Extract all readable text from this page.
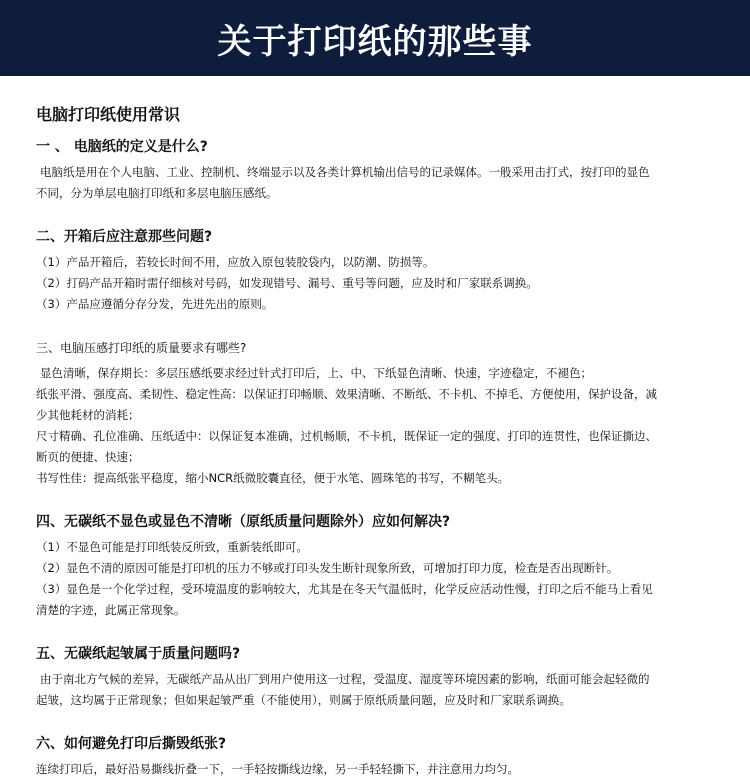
关于打印纸的那些事
电脑打印纸使用常识
一 、 电脑纸的定义是什么?

电脑纸是用在个人电脑、工业、控制机、终端显示以及各类计算机输出信号的记录媒体。一般采用击打式，按打印的显色

不同，分为单层电脑打印纸和多层电脑压感纸。

二、开箱后应注意那些问题?

（1）产品开箱后，若较长时间不用，应放入原包装胶袋内，以防潮、防损等。

（2）打码产品开箱时需仔细核对号码，如发现错号、漏号、重号等问题，应及时和厂家联系调换。

（3）产品应遵循分存分发，先进先出的原则。

三、电脑压感打印纸的质量要求有哪些?

显色清晰，保存期长：多层压感纸要求经过针式打印后，上、中、下纸显色清晰、快速，字迹稳定，不褪色；

纸张平滑、强度高、柔韧性、稳定性高：以保证打印畅顺、效果清晰、不断纸、不卡机、不掉毛、方便使用，保护设备，减

少其他耗材的消耗；

尺寸精确、孔位准确、压纸适中：以保证复本准确，过机畅顺，不卡机，既保证一定的强度、打印的连贯性，也保证撕边、

断页的便捷、快速；

书写性佳：提高纸张平稳度，缩小NCR纸微胶囊直径，便于水笔、圆珠笔的书写，不糊笔头。

四、无碳纸不显色或显色不清晰（原纸质量问题除外）应如何解决?

（1）不显色可能是打印纸装反所致，重新装纸即可。

（2）显色不清的原因可能是打印机的压力不够或打印头发生断针现象所致，可增加打印力度，检查是否出现断针。

（3）显色是一个化学过程，受环境温度的影响较大，尤其是在冬天气温低时，化学反应活动性慢，打印之后不能马上看见

清楚的字迹，此属正常现象。

五、无碳纸起皱属于质量问题吗?

由于南北方气候的差异，无碳纸产品从出厂到用户使用这一过程，受温度、湿度等环境因素的影响，纸面可能会起轻微的

起皱，这均属于正常现象；但如果起皱严重（不能使用），则属于原纸质量问题，应及时和厂家联系调换。

六、如何避免打印后撕毁纸张?

连续打印后，最好沿易撕线折叠一下，一手轻按撕线边缘，另一手轻轻撕下，并注意用力均匀。
